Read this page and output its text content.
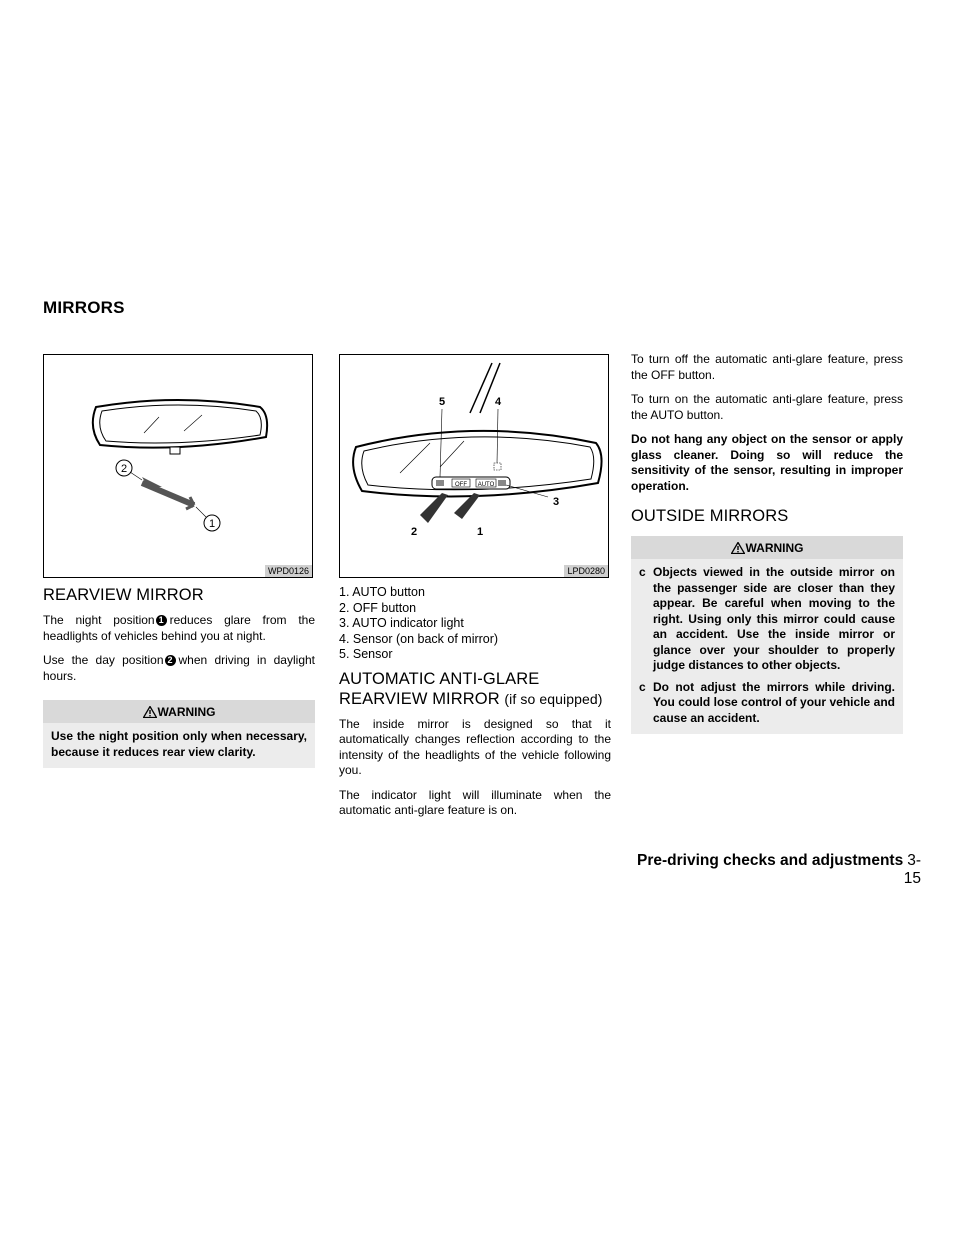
MIRRORS
2
1
WPD0126
OFF AUTO
5	4
3
2	1
LPD0280
REARVIEW MIRROR

The night position 1 reduces glare from the headlights of vehicles behind you at night.

Use the day position 2 when driving in daylight hours.

WARNING
Use the night position only when necessary, because it reduces rear view clarity.
1. AUTO button
2. OFF button
3. AUTO indicator light
4. Sensor (on back of mirror)
5. Sensor
AUTOMATIC ANTI-GLARE
REARVIEW MIRROR (if so equipped)

The inside mirror is designed so that it automatically changes reflection according to the intensity of the headlights of the vehicle following you.

The indicator light will illuminate when the automatic anti-glare feature is on.

To turn off the automatic anti-glare feature, press the OFF button.

To turn on the automatic anti-glare feature, press the AUTO button.

Do not hang any object on the sensor or apply glass cleaner. Doing so will reduce the sensitivity of the sensor, resulting in improper operation.

OUTSIDE MIRRORS
WARNING
c Objects viewed in the outside mirror on the passenger side are closer than they appear. Be careful when moving to the right. Using only this mirror could cause an accident. Use the inside mirror or glance over your shoulder to properly judge distances to other objects.
c Do not adjust the mirrors while driving. You could lose control of your vehicle and cause an accident.
Pre-driving checks and adjustments 3-15
